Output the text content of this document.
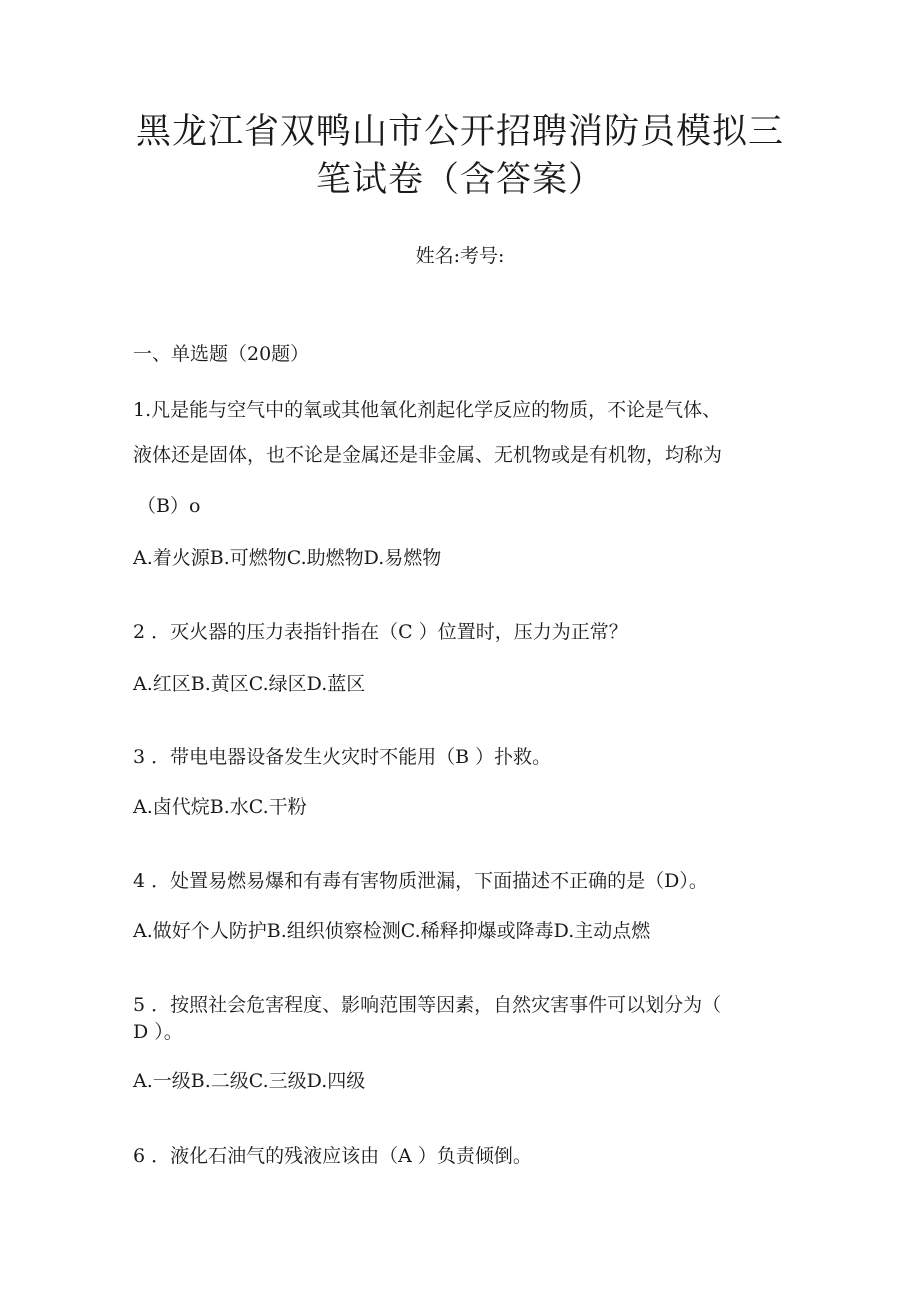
黑龙江省双鸭山市公开招聘消防员模拟三
笔试卷（含答案）
姓名:考号:
一、单选题（20题）
1.凡是能与空气中的氧或其他氧化剂起化学反应的物质，不论是气体、
液体还是固体，也不论是金属还是非金属、无机物或是有机物，均称为
（B）o
A.着火源B.可燃物C.助燃物D.易燃物
2 ．灭火器的压力表指针指在（C ）位置时，压力为正常？
A.红区B.黄区C.绿区D.蓝区
3 ．带电电器设备发生火灾时不能用（B ）扑救。
A.卤代烷B.水C.干粉
4 ．处置易燃易爆和有毒有害物质泄漏，下面描述不正确的是（D）。
A.做好个人防护B.组织侦察检测C.稀释抑爆或降毒D.主动点燃
5 ．按照社会危害程度、影响范围等因素，自然灾害事件可以划分为（
D ）。
A.一级B.二级C.三级D.四级
6 ．液化石油气的残液应该由（A ）负责倾倒。
